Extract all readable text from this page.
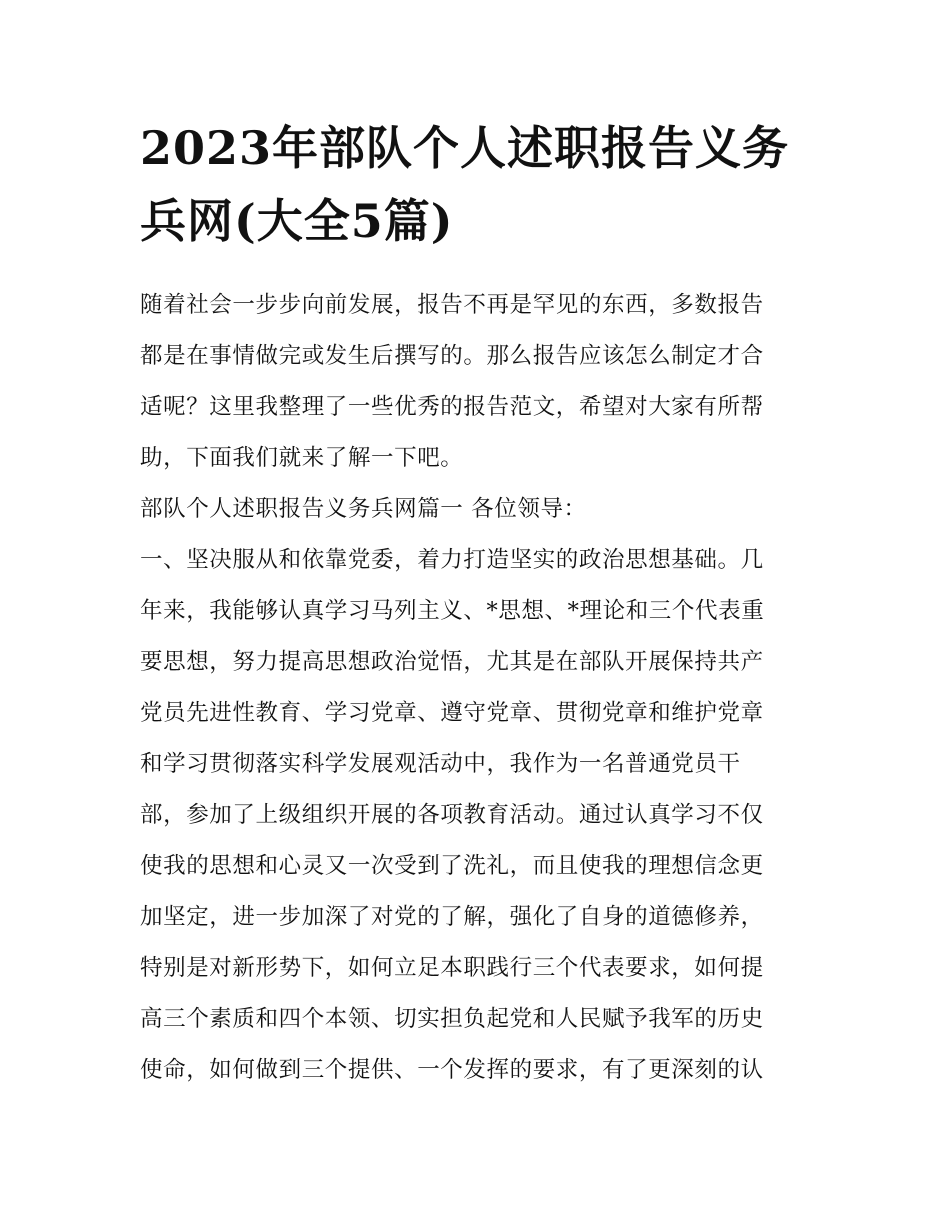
2023年部队个人述职报告义务
兵网(大全5篇)
随着社会一步步向前发展，报告不再是罕见的东西，多数报告
都是在事情做完或发生后撰写的。那么报告应该怎么制定才合
适呢？这里我整理了一些优秀的报告范文，希望对大家有所帮
助，下面我们就来了解一下吧。
部队个人述职报告义务兵网篇一 各位领导：
一、坚决服从和依靠党委，着力打造坚实的政治思想基础。几
年来，我能够认真学习马列主义、*思想、*理论和三个代表重
要思想，努力提高思想政治觉悟，尤其是在部队开展保持共产
党员先进性教育、学习党章、遵守党章、贯彻党章和维护党章
和学习贯彻落实科学发展观活动中，我作为一名普通党员干
部，参加了上级组织开展的各项教育活动。通过认真学习不仅
使我的思想和心灵又一次受到了洗礼，而且使我的理想信念更
加坚定，进一步加深了对党的了解，强化了自身的道德修养，
特别是对新形势下，如何立足本职践行三个代表要求，如何提
高三个素质和四个本领、切实担负起党和人民赋予我军的历史
使命，如何做到三个提供、一个发挥的要求，有了更深刻的认
